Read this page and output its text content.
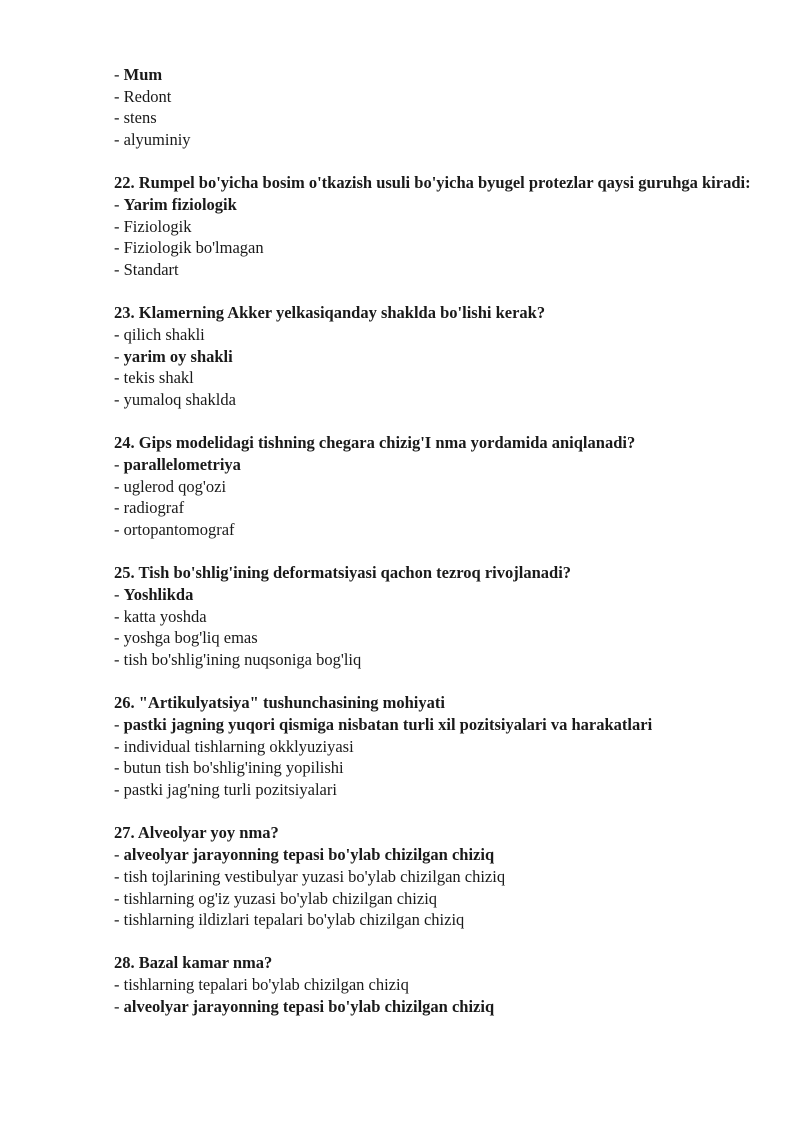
- Mum

- Redont

- stens

- alyuminiy

22. Rumpel bo'yicha bosim o'tkazish usuli bo'yicha byugel protezlar qaysi guruhga kiradi:

- Yarim fiziologik

- Fiziologik

- Fiziologik bo'lmagan

- Standart

23. Klamerning Akker yelkasiqanday shaklda bo'lishi kerak?

- qilich shakli

- yarim oy shakli

- tekis shakl

- yumaloq shaklda

24. Gips modelidagi tishning chegara chizig'I nma yordamida aniqlanadi?

- parallelometriya

- uglerod qog'ozi

- radiograf

- ortopantomograf

25. Tish bo'shlig'ining deformatsiyasi qachon tezroq rivojlanadi?

- Yoshlikda

- katta yoshda

- yoshga bog'liq emas

- tish bo'shlig'ining nuqsoniga bog'liq

26. "Artikulyatsiya" tushunchasining mohiyati

- pastki jagning yuqori qismiga nisbatan turli xil pozitsiyalari va harakatlari

- individual tishlarning okklyuziyasi

- butun tish bo'shlig'ining yopilishi

- pastki jag'ning turli pozitsiyalari

27. Alveolyar yoy nma?

- alveolyar jarayonning tepasi bo'ylab chizilgan chiziq

- tish tojlarining vestibulyar yuzasi bo'ylab chizilgan chiziq

- tishlarning og'iz yuzasi bo'ylab chizilgan chiziq

- tishlarning ildizlari tepalari bo'ylab chizilgan chiziq

28. Bazal kamar nma?

- tishlarning tepalari bo'ylab chizilgan chiziq

- alveolyar jarayonning tepasi bo'ylab chizilgan chiziq
